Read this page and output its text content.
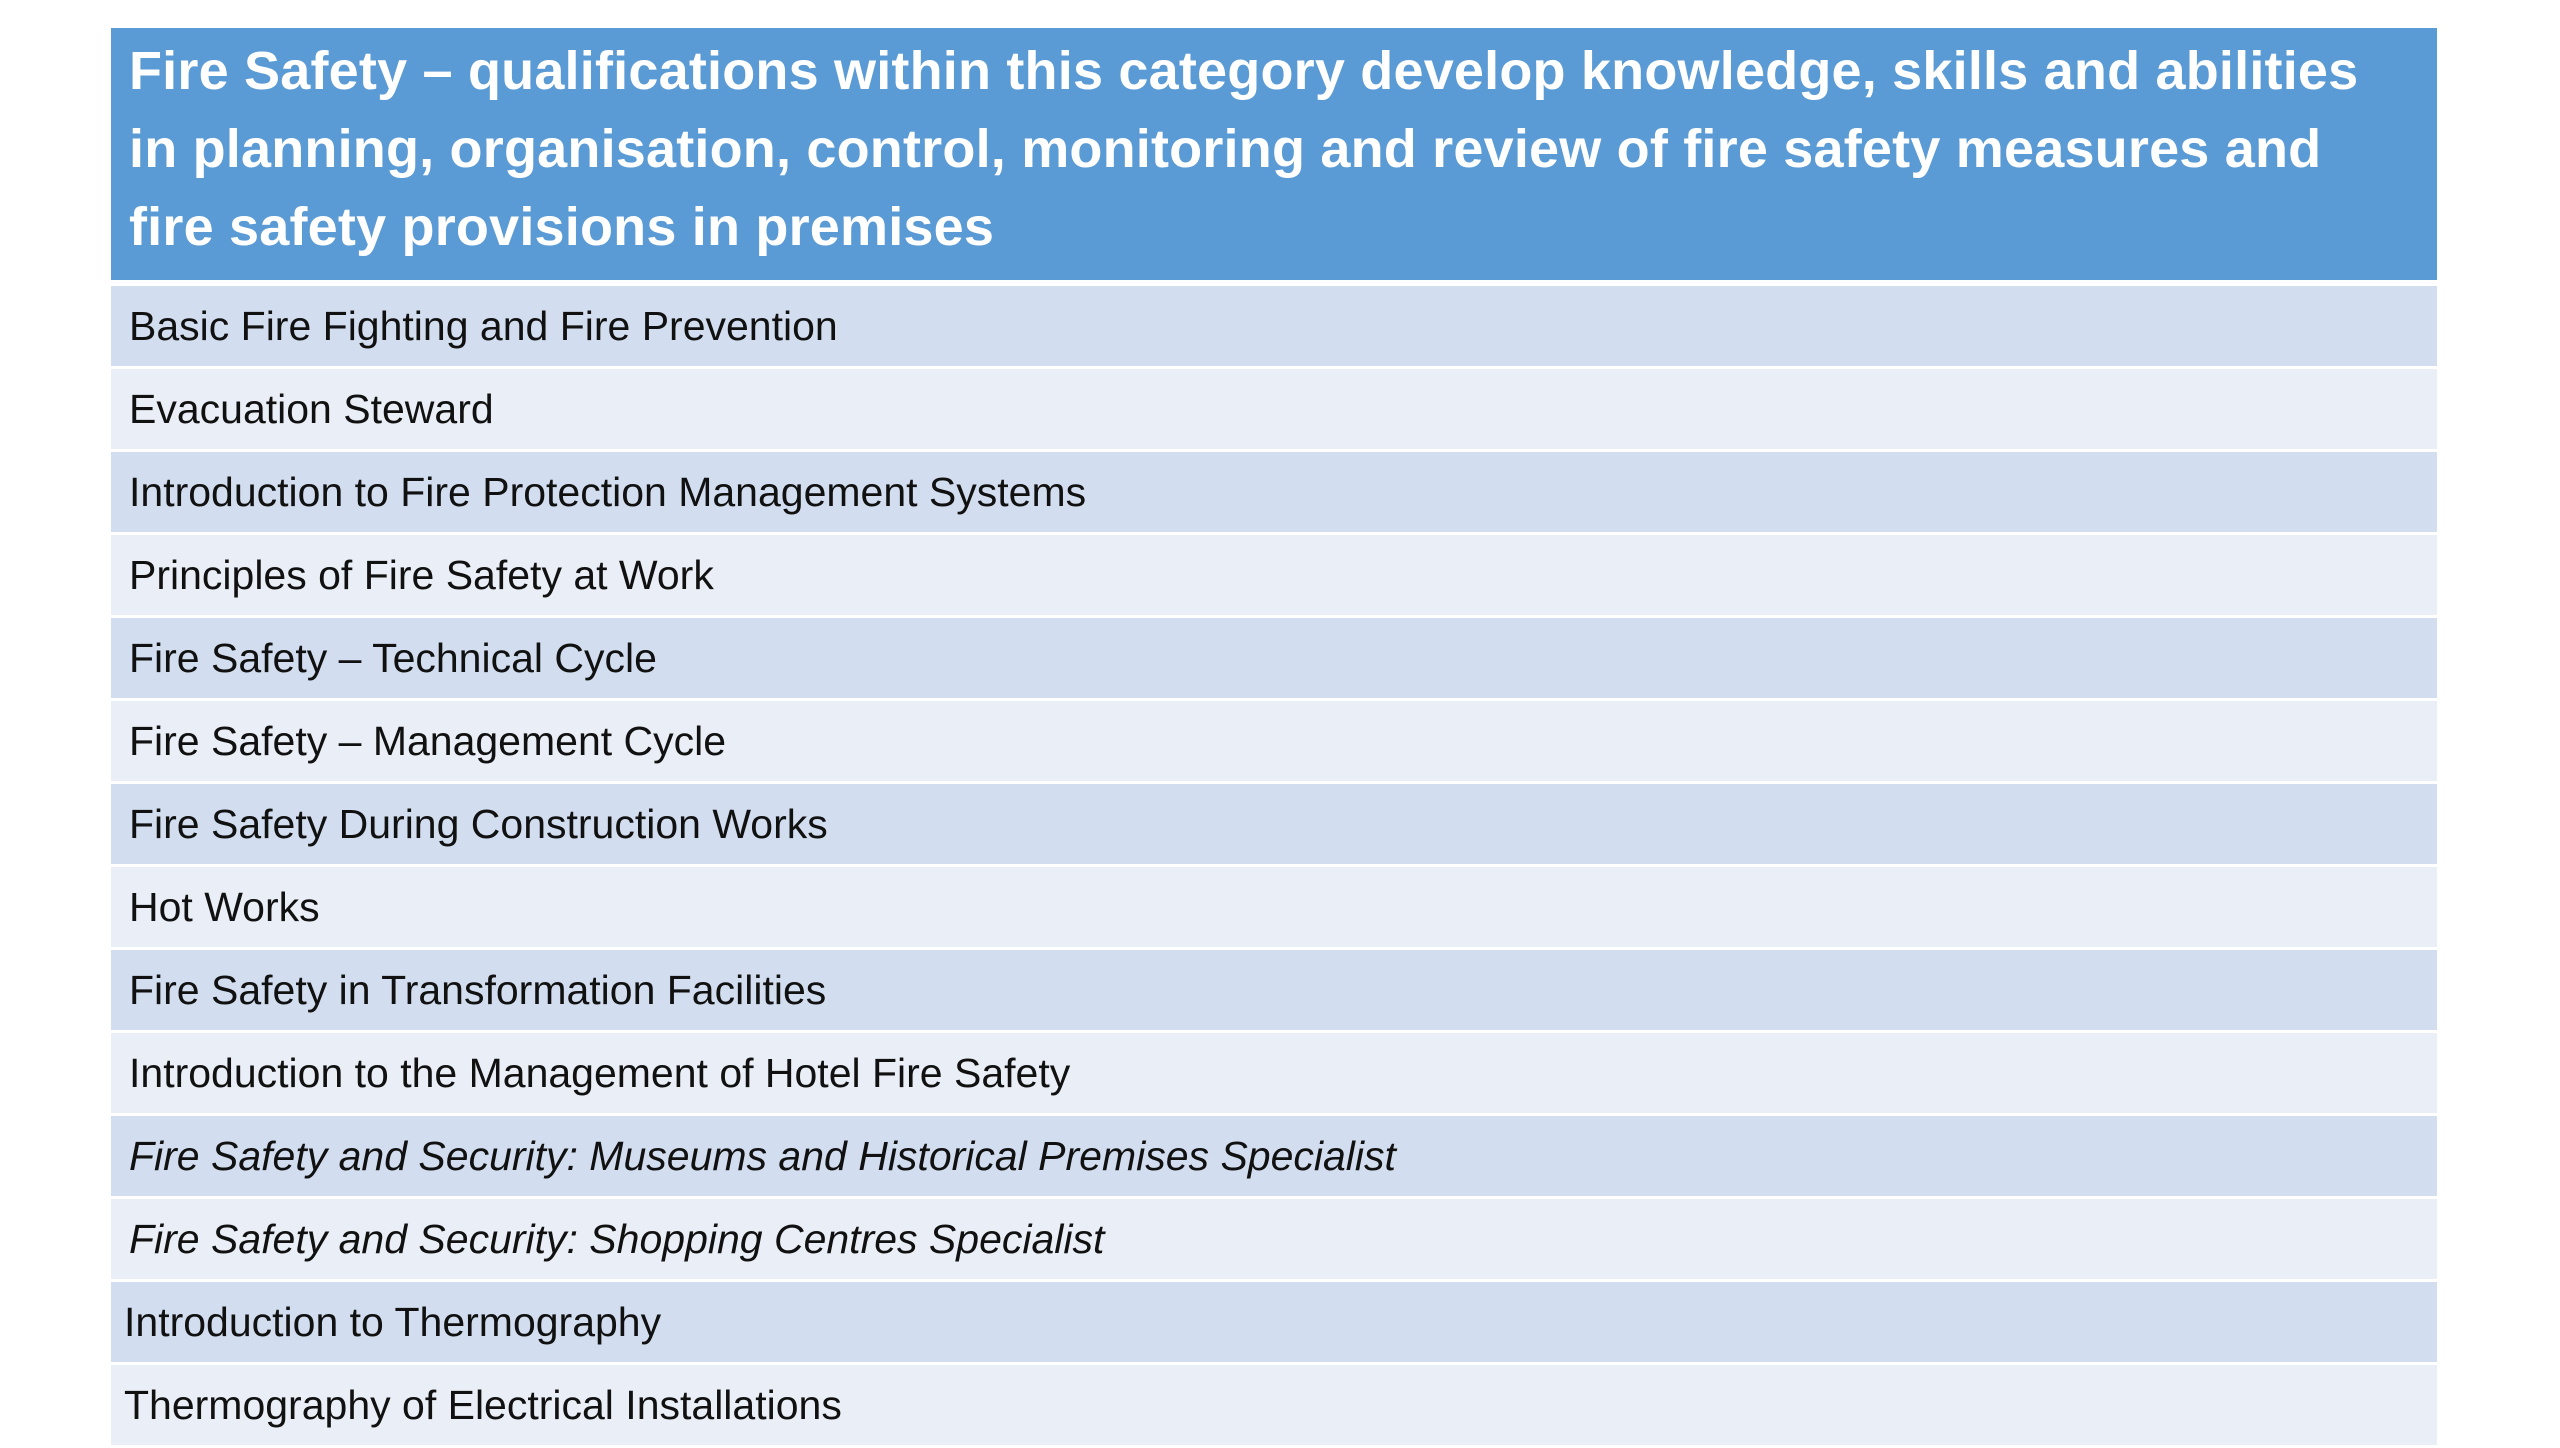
Fire Safety – qualifications within this category develop knowledge, skills and abilities in planning, organisation, control, monitoring and review of fire safety measures and fire safety provisions in premises
Basic Fire Fighting and Fire Prevention
Evacuation Steward
Introduction to Fire Protection Management Systems
Principles of Fire Safety at Work
Fire Safety – Technical Cycle
Fire Safety – Management Cycle
Fire Safety During Construction Works
Hot Works
Fire Safety in Transformation Facilities
Introduction to the Management of Hotel Fire Safety
Fire Safety and Security: Museums and Historical Premises Specialist
Fire Safety and Security: Shopping Centres Specialist
Introduction to Thermography
Thermography of Electrical Installations
